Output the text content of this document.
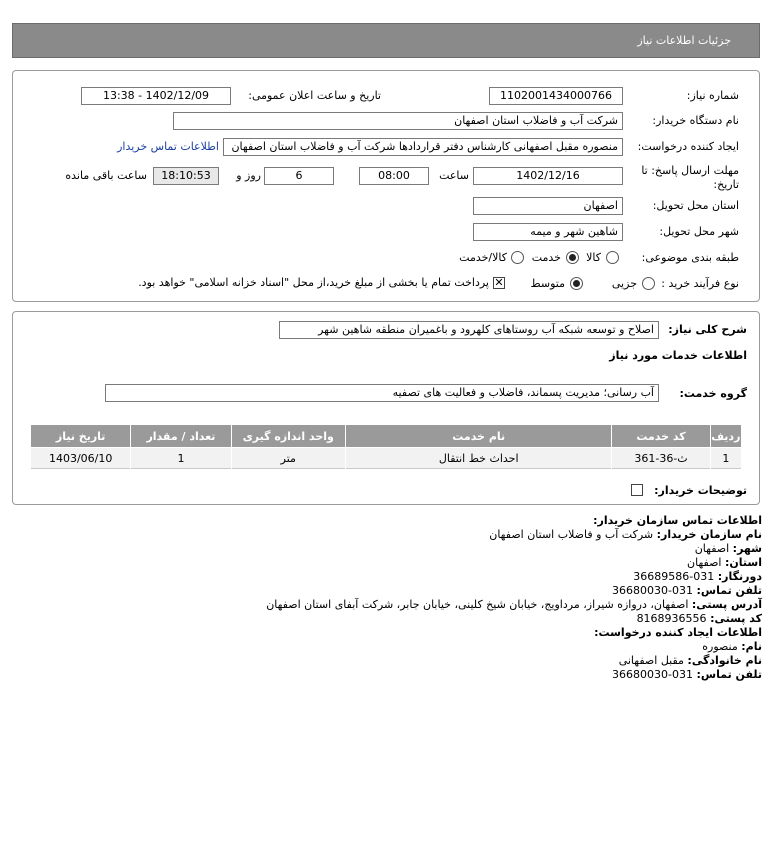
جزئیات اطلاعات نیاز
شماره نیاز:
1102001434000766
تاریخ و ساعت اعلان عمومی:
1402/12/09 - 13:38
نام دستگاه خریدار:
شرکت آب و فاضلاب استان اصفهان
ایجاد کننده درخواست:
منصوره مقبل اصفهانی کارشناس دفتر قراردادها شرکت آب و فاضلاب استان اصفهان
اطلاعات تماس خریدار
مهلت ارسال پاسخ: تا
تاریخ:
1402/12/16
ساعت
08:00
6
روز و
18:10:53
ساعت باقی مانده
استان محل تحویل:
اصفهان
شهر محل تحویل:
شاهین شهر و میمه
طبقه بندی موضوعی:
کالا
خدمت
کالا/خدمت
نوع فرآیند خرید :
جزیی
متوسط
✕
پرداخت تمام یا بخشی از مبلغ خرید،از محل "اسناد خزانه اسلامی" خواهد بود.
شرح کلی نیاز:
اصلاح و توسعه شبکه آب روستاهای کلهرود و باغمیران منطقه شاهین شهر
اطلاعات خدمات مورد نیاز
گروه خدمت:
آب رسانی؛ مدیریت پسماند، فاضلاب و فعالیت های تصفیه
توضیحات خریدار:
ردیف	کد خدمت	نام خدمت	واحد اندازه گیری	تعداد / مقدار	تاریخ نیاز
1	ث-36-361	احداث خط انتقال	متر	1	1403/06/10
اطلاعات تماس سازمان خریدار:
نام سازمان خریدار: شرکت آب و فاضلاب استان اصفهان
شهر: اصفهان
استان: اصفهان
دورنگار: 031-36689586
تلفن تماس: 031-36680030
آدرس پستی: اصفهان، دروازه شیراز، مرداویج، خیابان شیخ کلینی، خیابان جابر، شرکت آبفای استان اصفهان
کد پستی: 8168936556
اطلاعات ایجاد کننده درخواست:
نام: منصوره
نام خانوادگی: مقبل اصفهانی
تلفن تماس: 031-36680030
